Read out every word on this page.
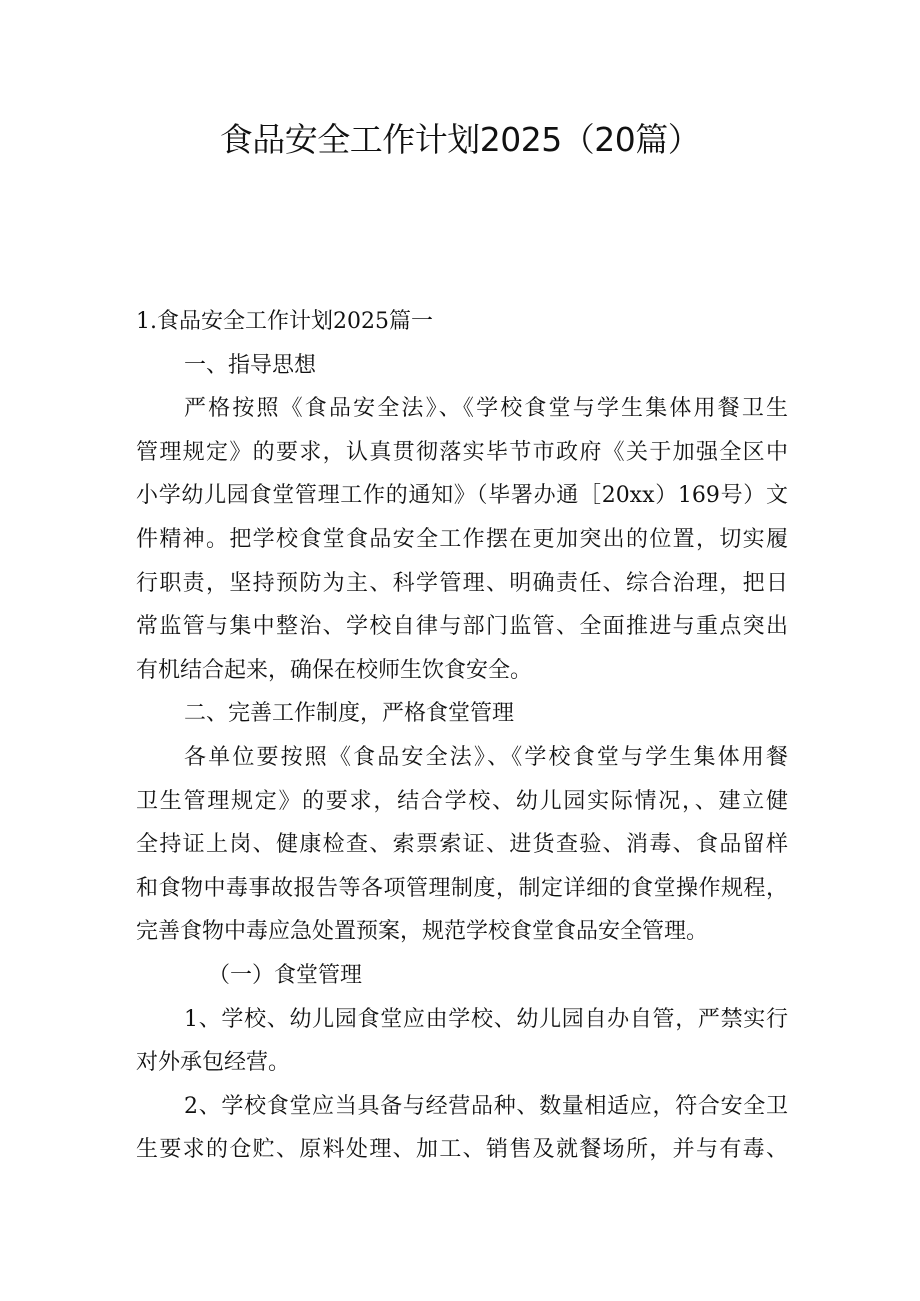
食品安全工作计划2025（20篇）

1.食品安全工作计划2025篇一

一、指导思想

严格按照《食品安全法》、《学校食堂与学生集体用餐卫生

管理规定》的要求，认真贯彻落实毕节市政府《关于加强全区中

小学幼儿园食堂管理工作的通知》（毕署办通［20xx）169号）文

件精神。把学校食堂食品安全工作摆在更加突出的位置，切实履

行职责，坚持预防为主、科学管理、明确责任、综合治理，把日

常监管与集中整治、学校自律与部门监管、全面推进与重点突出

有机结合起来，确保在校师生饮食安全。

二、完善工作制度，严格食堂管理

各单位要按照《食品安全法》、《学校食堂与学生集体用餐

卫生管理规定》的要求，结合学校、幼儿园实际情况，、建立健

全持证上岗、健康检查、索票索证、进货查验、消毒、食品留样

和食物中毒事故报告等各项管理制度，制定详细的食堂操作规程，

完善食物中毒应急处置预案，规范学校食堂食品安全管理。

（一）食堂管理

1、学校、幼儿园食堂应由学校、幼儿园自办自管，严禁实行

对外承包经营。

2、学校食堂应当具备与经营品种、数量相适应，符合安全卫

生要求的仓贮、原料处理、加工、销售及就餐场所，并与有毒、
